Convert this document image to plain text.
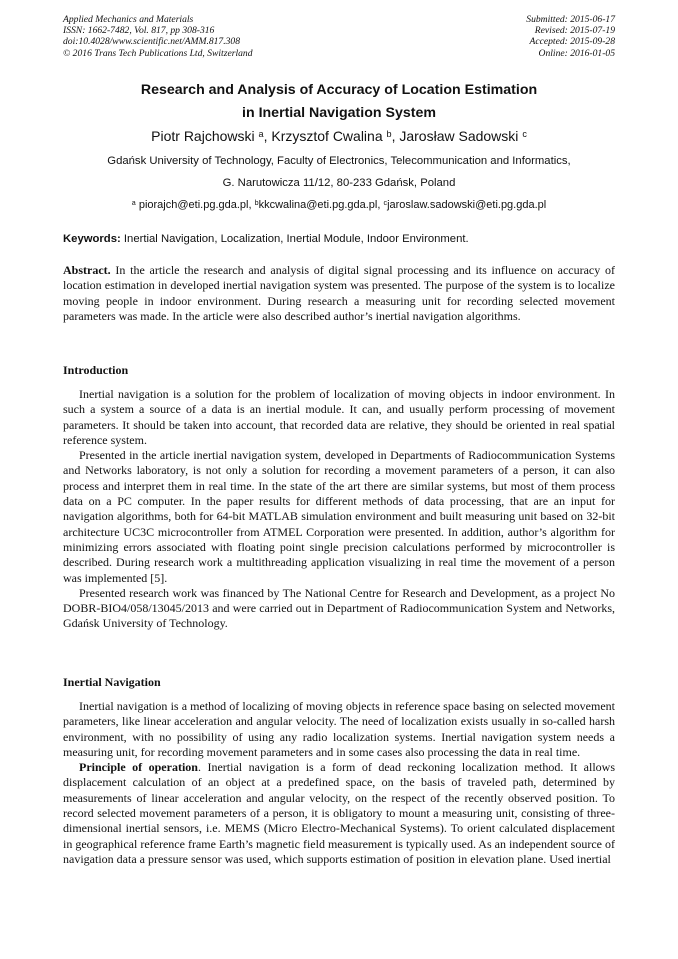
Applied Mechanics and Materials
ISSN: 1662-7482, Vol. 817, pp 308-316
doi:10.4028/www.scientific.net/AMM.817.308
© 2016 Trans Tech Publications Ltd, Switzerland
Submitted: 2015-06-17
Revised: 2015-07-19
Accepted: 2015-09-28
Online: 2016-01-05
Research and Analysis of Accuracy of Location Estimation
in Inertial Navigation System
Piotr Rajchowski $^a$, Krzysztof Cwalina $^b$, Jarosław Sadowski $^c$
Gdańsk University of Technology, Faculty of Electronics, Telecommunication and Informatics,
G. Narutowicza 11/12, 80-233 Gdańsk, Poland
$^a$ piorajch@eti.pg.gda.pl, $^b$kkcwalina@eti.pg.gda.pl, $^c$jaroslaw.sadowski@eti.pg.gda.pl
Keywords: Inertial Navigation, Localization, Inertial Module, Indoor Environment.

Abstract. In the article the research and analysis of digital signal processing and its influence on accuracy of location estimation in developed inertial navigation system was presented. The purpose of the system is to localize moving people in indoor environment. During research a measuring unit for recording selected movement parameters was made. In the article were also described author’s inertial navigation algorithms.

Introduction

Inertial navigation is a solution for the problem of localization of moving objects in indoor environment. In such a system a source of a data is an inertial module. It can, and usually perform processing of movement parameters. It should be taken into account, that recorded data are relative, they should be oriented in real spatial reference system.

Presented in the article inertial navigation system, developed in Departments of Radiocommunication Systems and Networks laboratory, is not only a solution for recording a movement parameters of a person, it can also process and interpret them in real time. In the state of the art there are similar systems, but most of them process data on a PC computer. In the paper results for different methods of data processing, that are an input for navigation algorithms, both for 64-bit MATLAB simulation environment and built measuring unit based on 32-bit architecture UC3C microcontroller from ATMEL Corporation were presented. In addition, author’s algorithm for minimizing errors associated with floating point single precision calculations performed by microcontroller is described. During research work a multithreading application visualizing in real time the movement of a person was implemented [5].

Presented research work was financed by The National Centre for Research and Development, as a project No DOBR-BIO4/058/13045/2013 and were carried out in Department of Radiocommunication System and Networks, Gdańsk University of Technology.

Inertial Navigation

Inertial navigation is a method of localizing of moving objects in reference space basing on selected movement parameters, like linear acceleration and angular velocity. The need of localization exists usually in so-called harsh environment, with no possibility of using any radio localization systems. Inertial navigation system needs a measuring unit, for recording movement parameters and in some cases also processing the data in real time.

Principle of operation. Inertial navigation is a form of dead reckoning localization method. It allows displacement calculation of an object at a predefined space, on the basis of traveled path, determined by measurements of linear acceleration and angular velocity, on the respect of the recently observed position. To record selected movement parameters of a person, it is obligatory to mount a measuring unit, consisting of three-dimensional inertial sensors, i.e. MEMS (Micro Electro-Mechanical Systems). To orient calculated displacement in geographical reference frame Earth’s magnetic field measurement is typically used. As an independent source of navigation data a pressure sensor was used, which supports estimation of position in elevation plane. Used inertial
